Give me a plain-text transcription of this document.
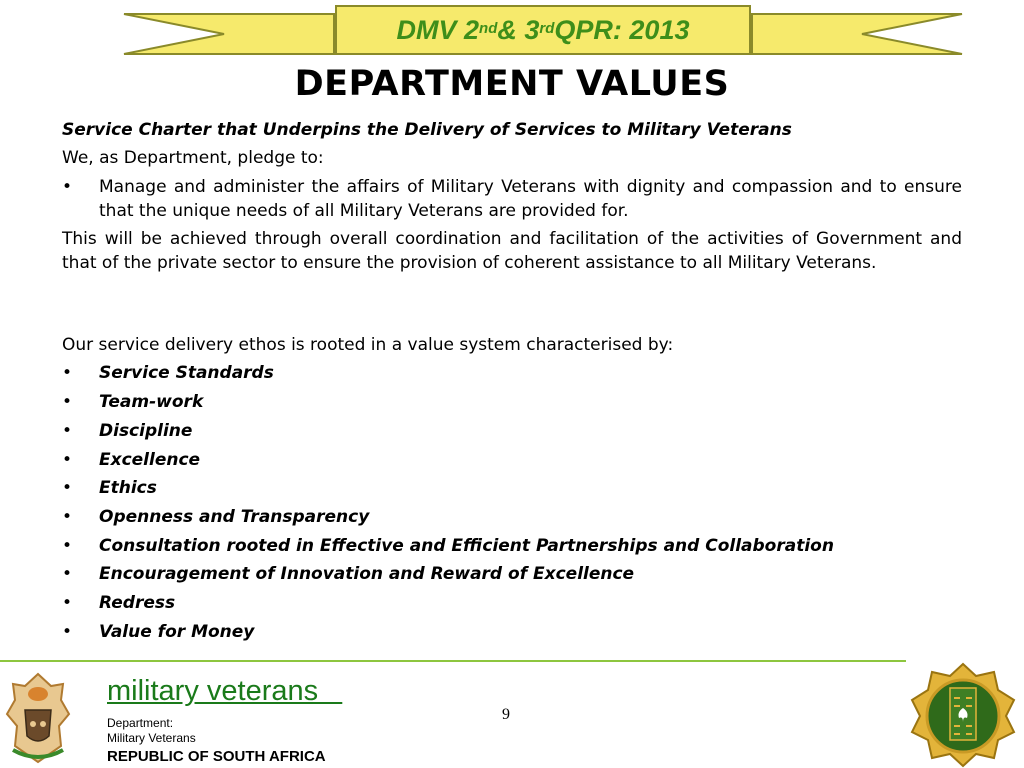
DMV 2nd & 3rd QPR: 2013
DEPARTMENT VALUES
Service Charter that Underpins the Delivery of Services to Military Veterans
We, as Department, pledge to:
•	Manage and administer the affairs of Military Veterans with dignity and compassion and to ensure that the unique needs of all Military Veterans are provided for.
This will be achieved through overall coordination and facilitation of the activities of Government and that of the private sector to ensure the provision of coherent assistance to all Military Veterans.
Our service delivery ethos is rooted in a value system characterised by:
•	Service Standards
•	Team-work
•	Discipline
•	Excellence
•	Ethics
•	Openness and Transparency
•	Consultation rooted in Effective and Efficient Partnerships and Collaboration
•	Encouragement of Innovation and Reward of Excellence
•	Redress
•	Value for Money
military veterans
Department:
Military Veterans
REPUBLIC OF SOUTH AFRICA
9
